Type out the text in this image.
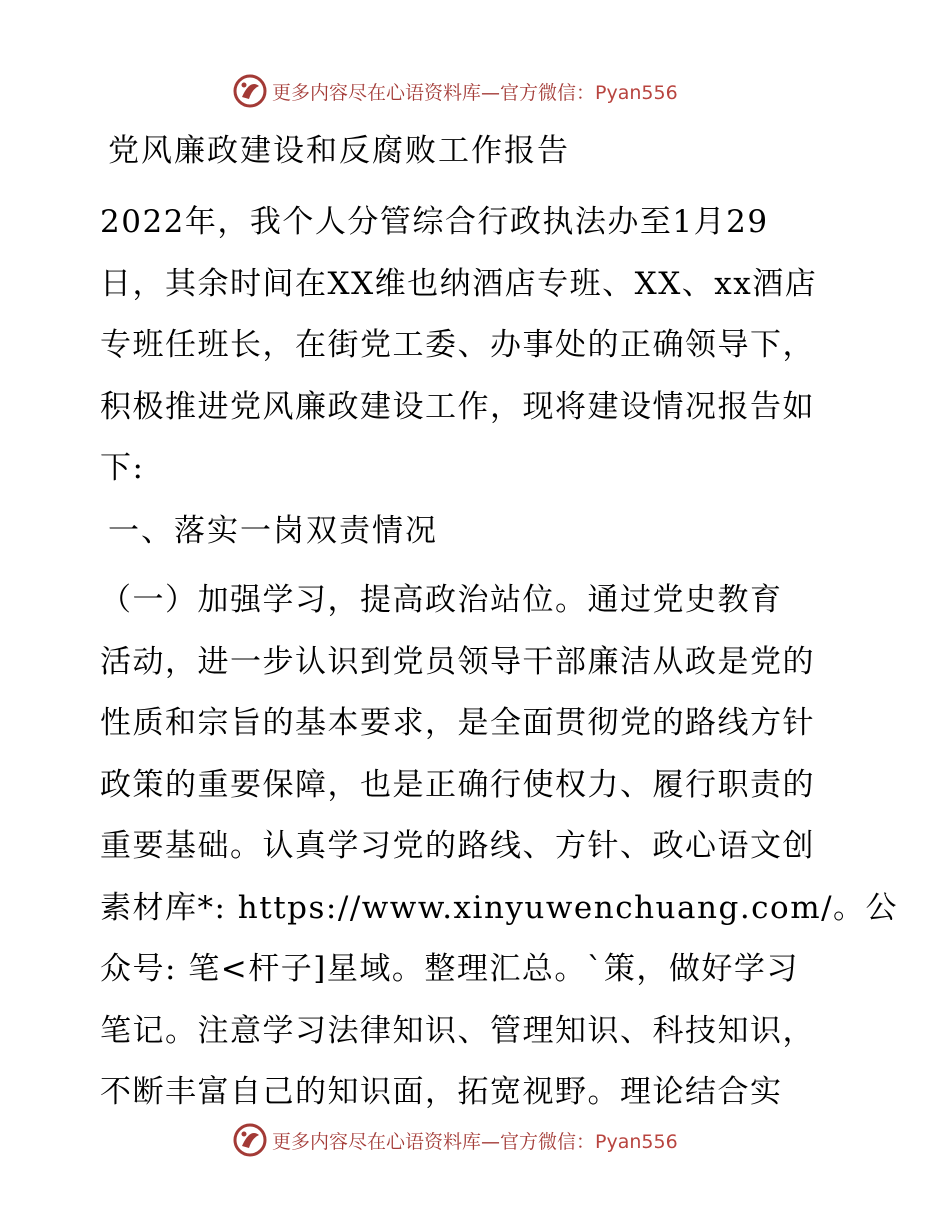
更多内容尽在心语资料库—官方微信：Pyan556
党风廉政建设和反腐败工作报告
2022年，我个人分管综合行政执法办至1月29
日，其余时间在XX维也纳酒店专班、XX、xx酒店
专班任班长，在街党工委、办事处的正确领导下，
积极推进党风廉政建设工作，现将建设情况报告如
下:
一、落实一岗双责情况
（一）加强学习，提高政治站位。通过党史教育
活动，进一步认识到党员领导干部廉洁从政是党的
性质和宗旨的基本要求，是全面贯彻党的路线方针
政策的重要保障，也是正确行使权力、履行职责的
重要基础。认真学习党的路线、方针、政心语文创
素材库*: https://www.xinyuwenchuang.com/。公
众号: 笔<杆子]星域。整理汇总。`策，做好学习
笔记。注意学习法律知识、管理知识、科技知识，
不断丰富自己的知识面，拓宽视野。理论结合实
更多内容尽在心语资料库—官方微信：Pyan556
